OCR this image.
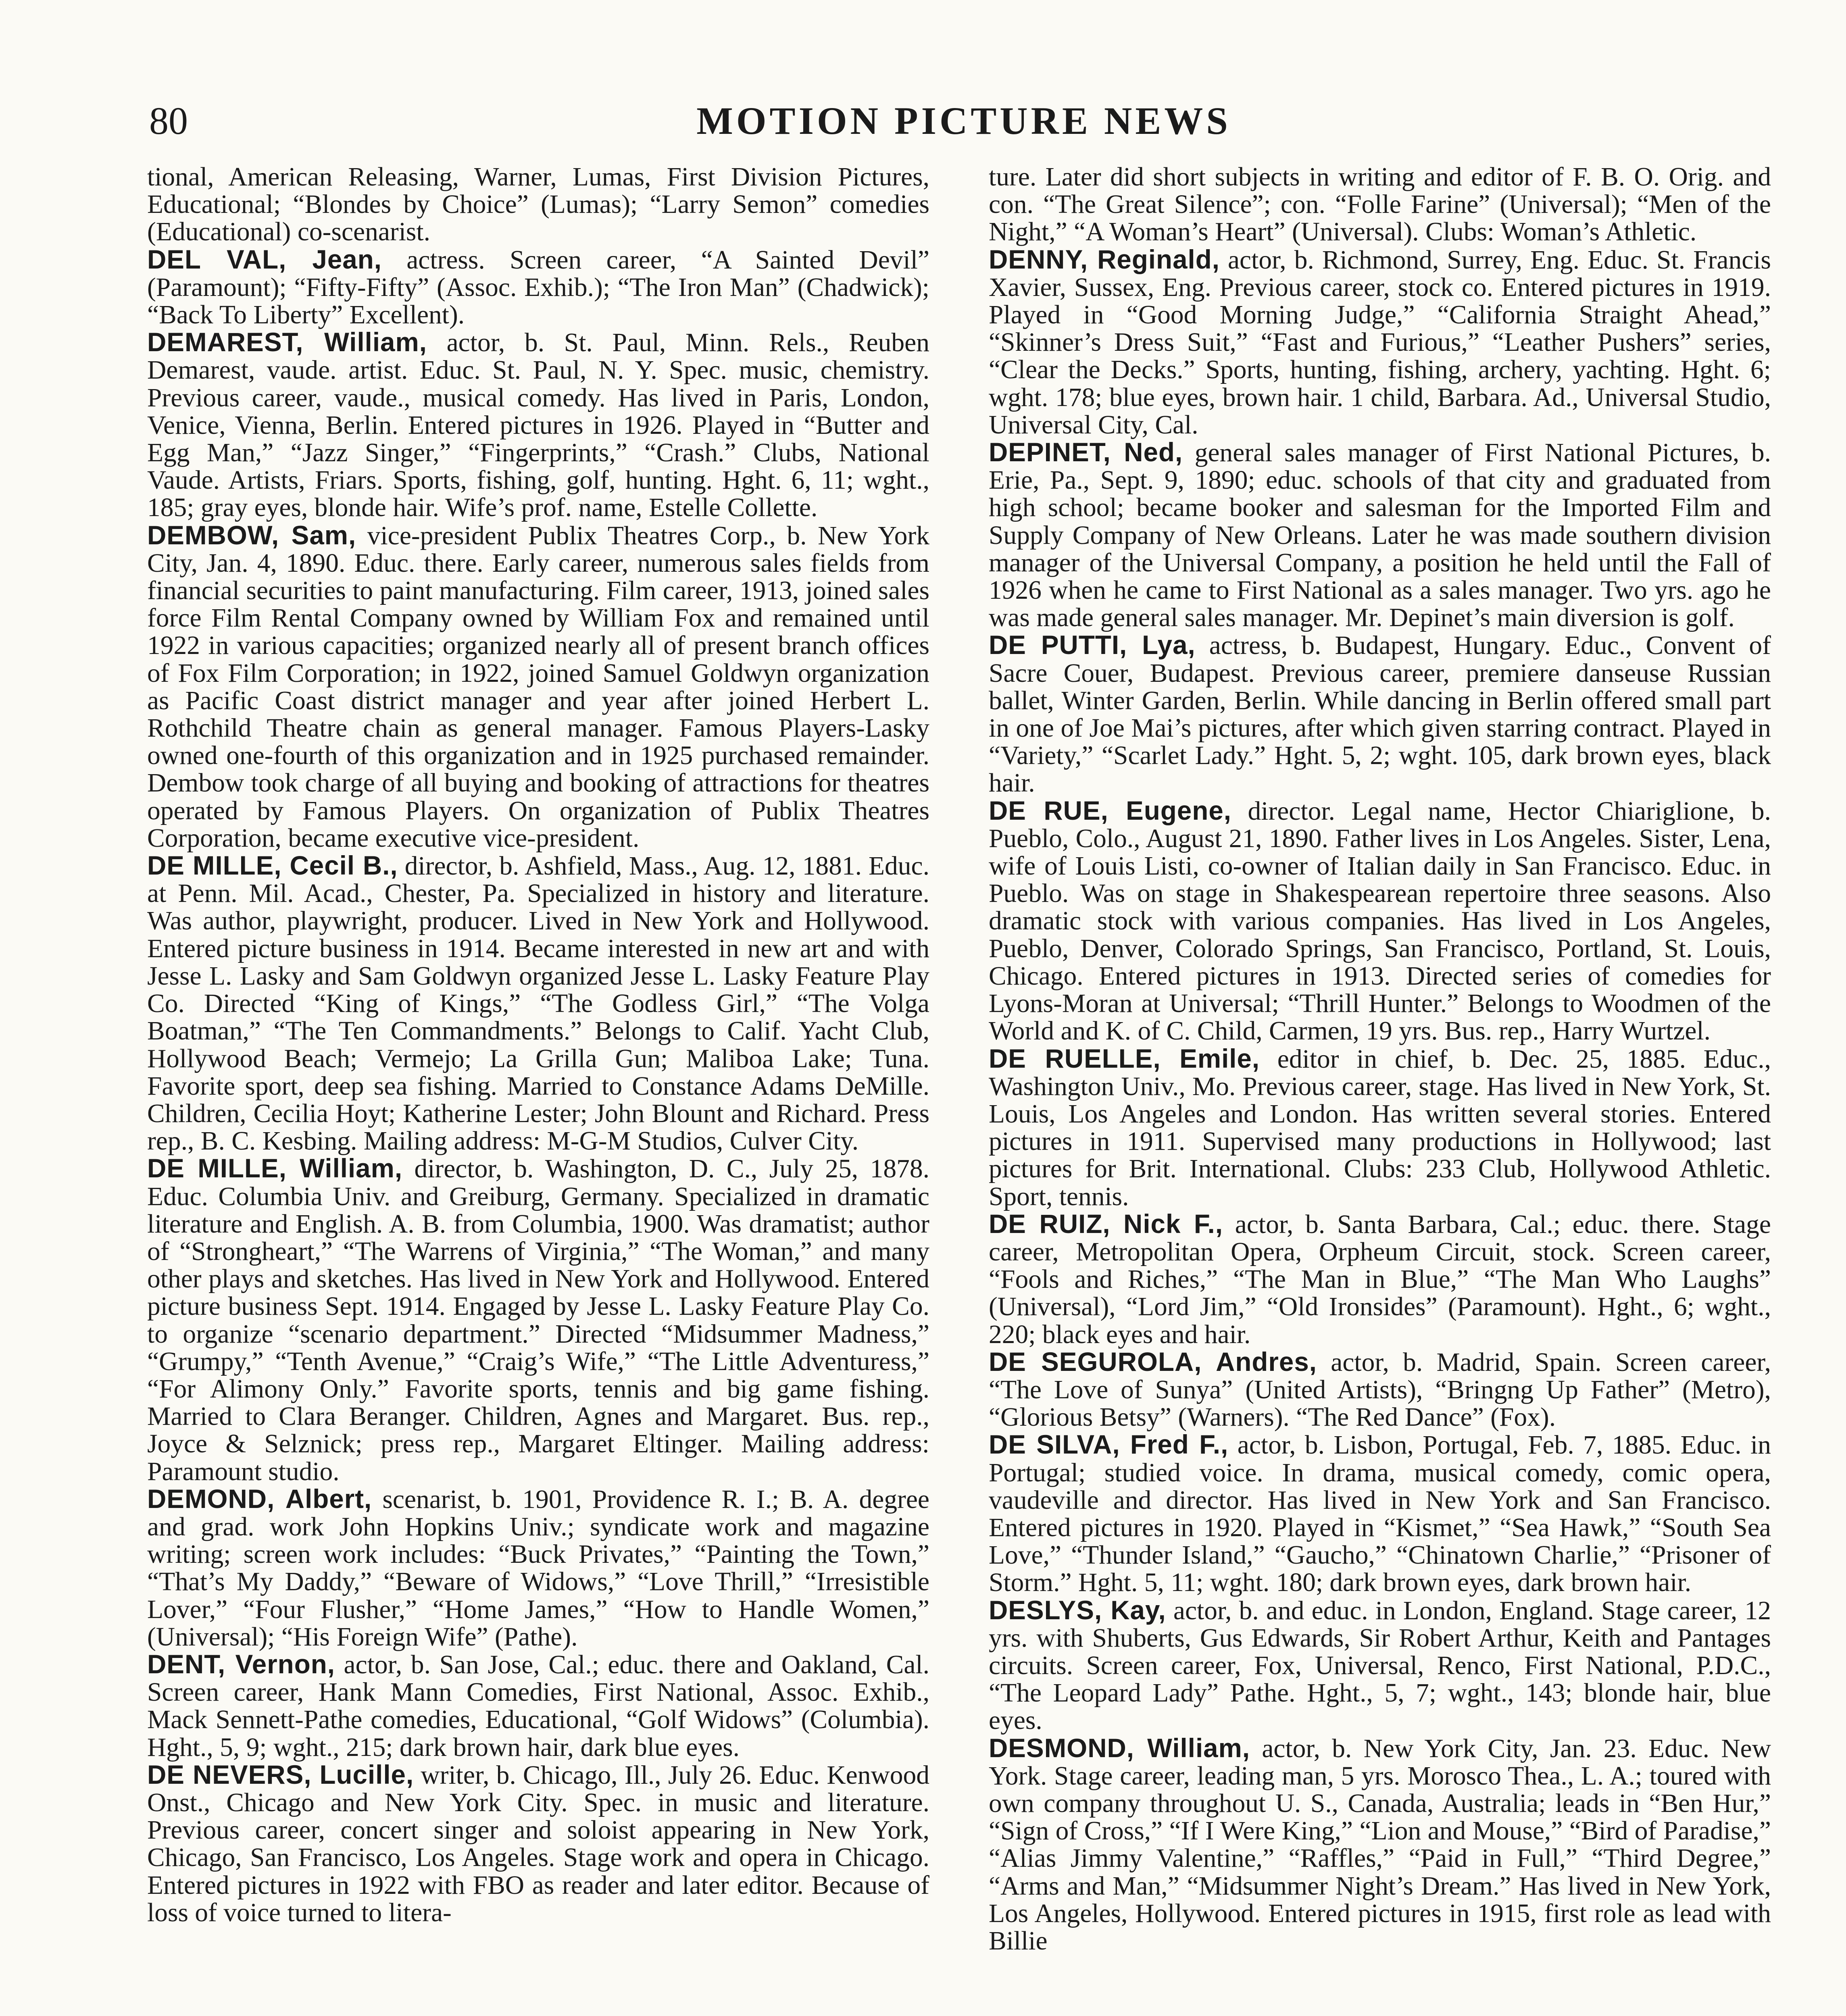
80	MOTION PICTURE NEWS

tional, American Releasing, Warner, Lumas, First Division Pictures, Educational; “Blondes by Choice” (Lumas); “Larry Semon” comedies (Educational) co-scenarist.

DEL VAL, Jean, actress. Screen career, “A Sainted Devil” (Paramount); “Fifty-Fifty” (Assoc. Exhib.); “The Iron Man” (Chadwick); “Back To Liberty” Excellent).

DEMAREST, William, actor, b. St. Paul, Minn. Rels., Reuben Demarest, vaude. artist. Educ. St. Paul, N. Y. Spec. music, chemistry. Previous career, vaude., musical comedy. Has lived in Paris, London, Venice, Vienna, Berlin. Entered pictures in 1926. Played in “Butter and Egg Man,” “Jazz Singer,” “Fingerprints,” “Crash.” Clubs, National Vaude. Artists, Friars. Sports, fishing, golf, hunting. Hght. 6, 11; wght., 185; gray eyes, blonde hair. Wife’s prof. name, Estelle Collette.

DEMBOW, Sam, vice-president Publix Theatres Corp., b. New York City, Jan. 4, 1890. Educ. there. Early career, numerous sales fields from financial securities to paint manufacturing. Film career, 1913, joined sales force Film Rental Company owned by William Fox and remained until 1922 in various capacities; organized nearly all of present branch offices of Fox Film Corporation; in 1922, joined Samuel Goldwyn organization as Pacific Coast district manager and year after joined Herbert L. Rothchild Theatre chain as general manager. Famous Players-Lasky owned one-fourth of this organization and in 1925 purchased remainder. Dembow took charge of all buying and booking of attractions for theatres operated by Famous Players. On organization of Publix Theatres Corporation, became executive vice-president.

DE MILLE, Cecil B., director, b. Ashfield, Mass., Aug. 12, 1881. Educ. at Penn. Mil. Acad., Chester, Pa. Specialized in history and literature. Was author, playwright, producer. Lived in New York and Hollywood. Entered picture business in 1914. Became interested in new art and with Jesse L. Lasky and Sam Goldwyn organized Jesse L. Lasky Feature Play Co. Directed “King of Kings,” “The Godless Girl,” “The Volga Boatman,” “The Ten Commandments.” Belongs to Calif. Yacht Club, Hollywood Beach; Vermejo; La Grilla Gun; Maliboa Lake; Tuna. Favorite sport, deep sea fishing. Married to Constance Adams DeMille. Children, Cecilia Hoyt; Katherine Lester; John Blount and Richard. Press rep., B. C. Kesbing. Mailing address: M-G-M Studios, Culver City.

DE MILLE, William, director, b. Washington, D. C., July 25, 1878. Educ. Columbia Univ. and Greiburg, Germany. Specialized in dramatic literature and English. A. B. from Columbia, 1900. Was dramatist; author of “Strongheart,” “The Warrens of Virginia,” “The Woman,” and many other plays and sketches. Has lived in New York and Hollywood. Entered picture business Sept. 1914. Engaged by Jesse L. Lasky Feature Play Co. to organize “scenario department.” Directed “Midsummer Madness,” “Grumpy,” “Tenth Avenue,” “Craig’s Wife,” “The Little Adventuress,” “For Alimony Only.” Favorite sports, tennis and big game fishing. Married to Clara Beranger. Children, Agnes and Margaret. Bus. rep., Joyce & Selznick; press rep., Margaret Eltinger. Mailing address: Paramount studio.

DEMOND, Albert, scenarist, b. 1901, Providence R. I.; B. A. degree and grad. work John Hopkins Univ.; syndicate work and magazine writing; screen work includes: “Buck Privates,” “Painting the Town,” “That’s My Daddy,” “Beware of Widows,” “Love Thrill,” “Irresistible Lover,” “Four Flusher,” “Home James,” “How to Handle Women,” (Universal); “His Foreign Wife” (Pathe).

DENT, Vernon, actor, b. San Jose, Cal.; educ. there and Oakland, Cal. Screen career, Hank Mann Comedies, First National, Assoc. Exhib., Mack Sennett-Pathe comedies, Educational, “Golf Widows” (Columbia). Hght., 5, 9; wght., 215; dark brown hair, dark blue eyes.

DE NEVERS, Lucille, writer, b. Chicago, Ill., July 26. Educ. Kenwood Onst., Chicago and New York City. Spec. in music and literature. Previous career, concert singer and soloist appearing in New York, Chicago, San Francisco, Los Angeles. Stage work and opera in Chicago. Entered pictures in 1922 with FBO as reader and later editor. Because of loss of voice turned to litera-

ture. Later did short subjects in writing and editor of F. B. O. Orig. and con. “The Great Silence”; con. “Folle Farine” (Universal); “Men of the Night,” “A Woman’s Heart” (Universal). Clubs: Woman’s Athletic.

DENNY, Reginald, actor, b. Richmond, Surrey, Eng. Educ. St. Francis Xavier, Sussex, Eng. Previous career, stock co. Entered pictures in 1919. Played in “Good Morning Judge,” “California Straight Ahead,” “Skinner’s Dress Suit,” “Fast and Furious,” “Leather Pushers” series, “Clear the Decks.” Sports, hunting, fishing, archery, yachting. Hght. 6; wght. 178; blue eyes, brown hair. 1 child, Barbara. Ad., Universal Studio, Universal City, Cal.

DEPINET, Ned, general sales manager of First National Pictures, b. Erie, Pa., Sept. 9, 1890; educ. schools of that city and graduated from high school; became booker and salesman for the Imported Film and Supply Company of New Orleans. Later he was made southern division manager of the Universal Company, a position he held until the Fall of 1926 when he came to First National as a sales manager. Two yrs. ago he was made general sales manager. Mr. Depinet’s main diversion is golf.

DE PUTTI, Lya, actress, b. Budapest, Hungary. Educ., Convent of Sacre Couer, Budapest. Previous career, premiere danseuse Russian ballet, Winter Garden, Berlin. While dancing in Berlin offered small part in one of Joe Mai’s pictures, after which given starring contract. Played in “Variety,” “Scarlet Lady.” Hght. 5, 2; wght. 105, dark brown eyes, black hair.

DE RUE, Eugene, director. Legal name, Hector Chiariglione, b. Pueblo, Colo., August 21, 1890. Father lives in Los Angeles. Sister, Lena, wife of Louis Listi, co-owner of Italian daily in San Francisco. Educ. in Pueblo. Was on stage in Shakespearean repertoire three seasons. Also dramatic stock with various companies. Has lived in Los Angeles, Pueblo, Denver, Colorado Springs, San Francisco, Portland, St. Louis, Chicago. Entered pictures in 1913. Directed series of comedies for Lyons-Moran at Universal; “Thrill Hunter.” Belongs to Woodmen of the World and K. of C. Child, Carmen, 19 yrs. Bus. rep., Harry Wurtzel.

DE RUELLE, Emile, editor in chief, b. Dec. 25, 1885. Educ., Washington Univ., Mo. Previous career, stage. Has lived in New York, St. Louis, Los Angeles and London. Has written several stories. Entered pictures in 1911. Supervised many productions in Hollywood; last pictures for Brit. International. Clubs: 233 Club, Hollywood Athletic. Sport, tennis.

DE RUIZ, Nick F., actor, b. Santa Barbara, Cal.; educ. there. Stage career, Metropolitan Opera, Orpheum Circuit, stock. Screen career, “Fools and Riches,” “The Man in Blue,” “The Man Who Laughs” (Universal), “Lord Jim,” “Old Ironsides” (Paramount). Hght., 6; wght., 220; black eyes and hair.

DE SEGUROLA, Andres, actor, b. Madrid, Spain. Screen career, “The Love of Sunya” (United Artists), “Bringng Up Father” (Metro), “Glorious Betsy” (Warners). “The Red Dance” (Fox).

DE SILVA, Fred F., actor, b. Lisbon, Portugal, Feb. 7, 1885. Educ. in Portugal; studied voice. In drama, musical comedy, comic opera, vaudeville and director. Has lived in New York and San Francisco. Entered pictures in 1920. Played in “Kismet,” “Sea Hawk,” “South Sea Love,” “Thunder Island,” “Gaucho,” “Chinatown Charlie,” “Prisoner of Storm.” Hght. 5, 11; wght. 180; dark brown eyes, dark brown hair.

DESLYS, Kay, actor, b. and educ. in London, England. Stage career, 12 yrs. with Shuberts, Gus Edwards, Sir Robert Arthur, Keith and Pantages circuits. Screen career, Fox, Universal, Renco, First National, P.D.C., “The Leopard Lady” Pathe. Hght., 5, 7; wght., 143; blonde hair, blue eyes.

DESMOND, William, actor, b. New York City, Jan. 23. Educ. New York. Stage career, leading man, 5 yrs. Morosco Thea., L. A.; toured with own company throughout U. S., Canada, Australia; leads in “Ben Hur,” “Sign of Cross,” “If I Were King,” “Lion and Mouse,” “Bird of Paradise,” “Alias Jimmy Valentine,” “Raffles,” “Paid in Full,” “Third Degree,” “Arms and Man,” “Midsummer Night’s Dream.” Has lived in New York, Los Angeles, Hollywood. Entered pictures in 1915, first role as lead with Billie
